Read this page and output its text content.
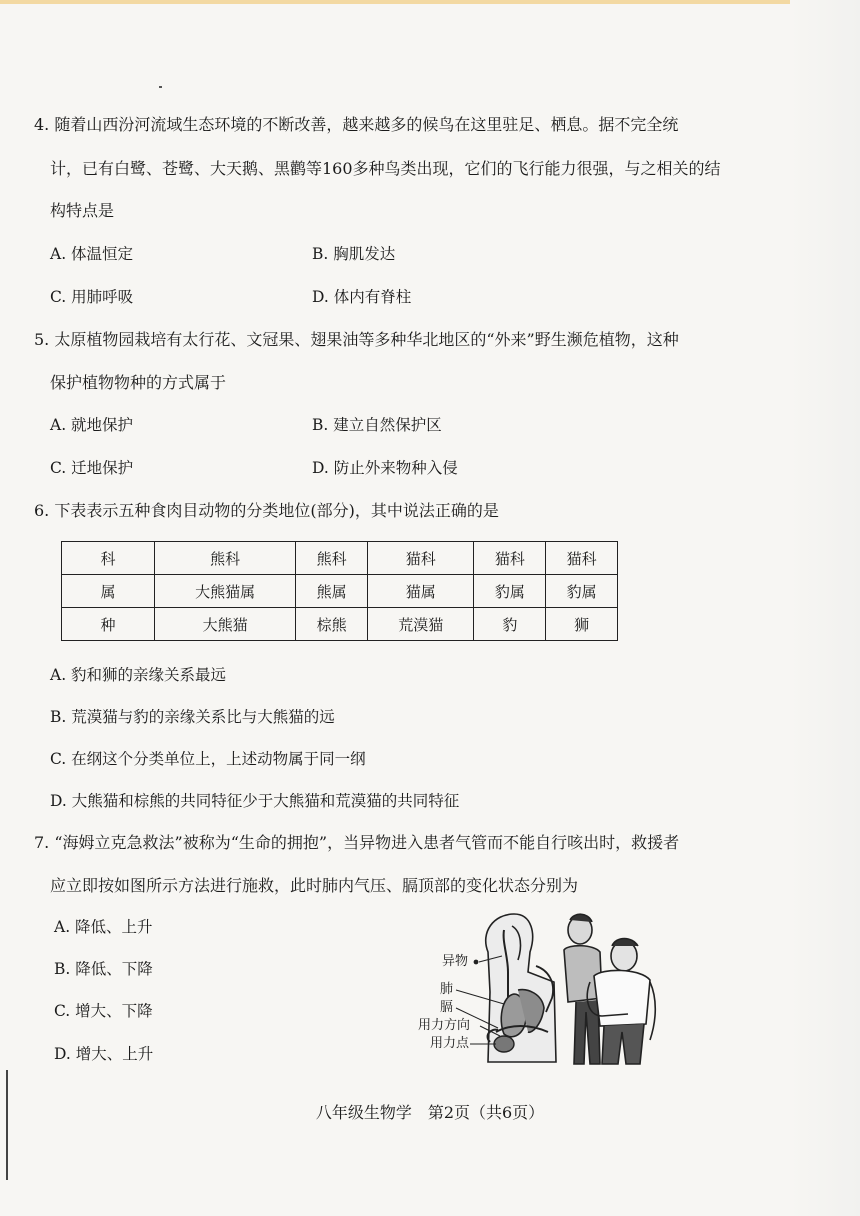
4. 随着山西汾河流域生态环境的不断改善，越来越多的候鸟在这里驻足、栖息。据不完全统
计，已有白鹭、苍鹭、大天鹅、黑鹳等160多种鸟类出现，它们的飞行能力很强，与之相关的结
构特点是
A. 体温恒定	B. 胸肌发达
C. 用肺呼吸	D. 体内有脊柱
5. 太原植物园栽培有太行花、文冠果、翅果油等多种华北地区的“外来”野生濒危植物，这种
保护植物物种的方式属于
A. 就地保护	B. 建立自然保护区
C. 迁地保护	D. 防止外来物种入侵
6. 下表表示五种食肉目动物的分类地位(部分)，其中说法正确的是
科	熊科	熊科	猫科	猫科	猫科
属	大熊猫属	熊属	猫属	豹属	豹属
种	大熊猫	棕熊	荒漠猫	豹	狮
A. 豹和狮的亲缘关系最远
B. 荒漠猫与豹的亲缘关系比与大熊猫的远
C. 在纲这个分类单位上，上述动物属于同一纲
D. 大熊猫和棕熊的共同特征少于大熊猫和荒漠猫的共同特征
7. “海姆立克急救法”被称为“生命的拥抱”，当异物进入患者气管而不能自行咳出时，救援者
应立即按如图所示方法进行施救，此时肺内气压、膈顶部的变化状态分别为
A. 降低、上升
B. 降低、下降
C. 增大、下降
D. 增大、上升
异物
肺
膈
用力方向
用力点
八年级生物学　第2页（共6页）
